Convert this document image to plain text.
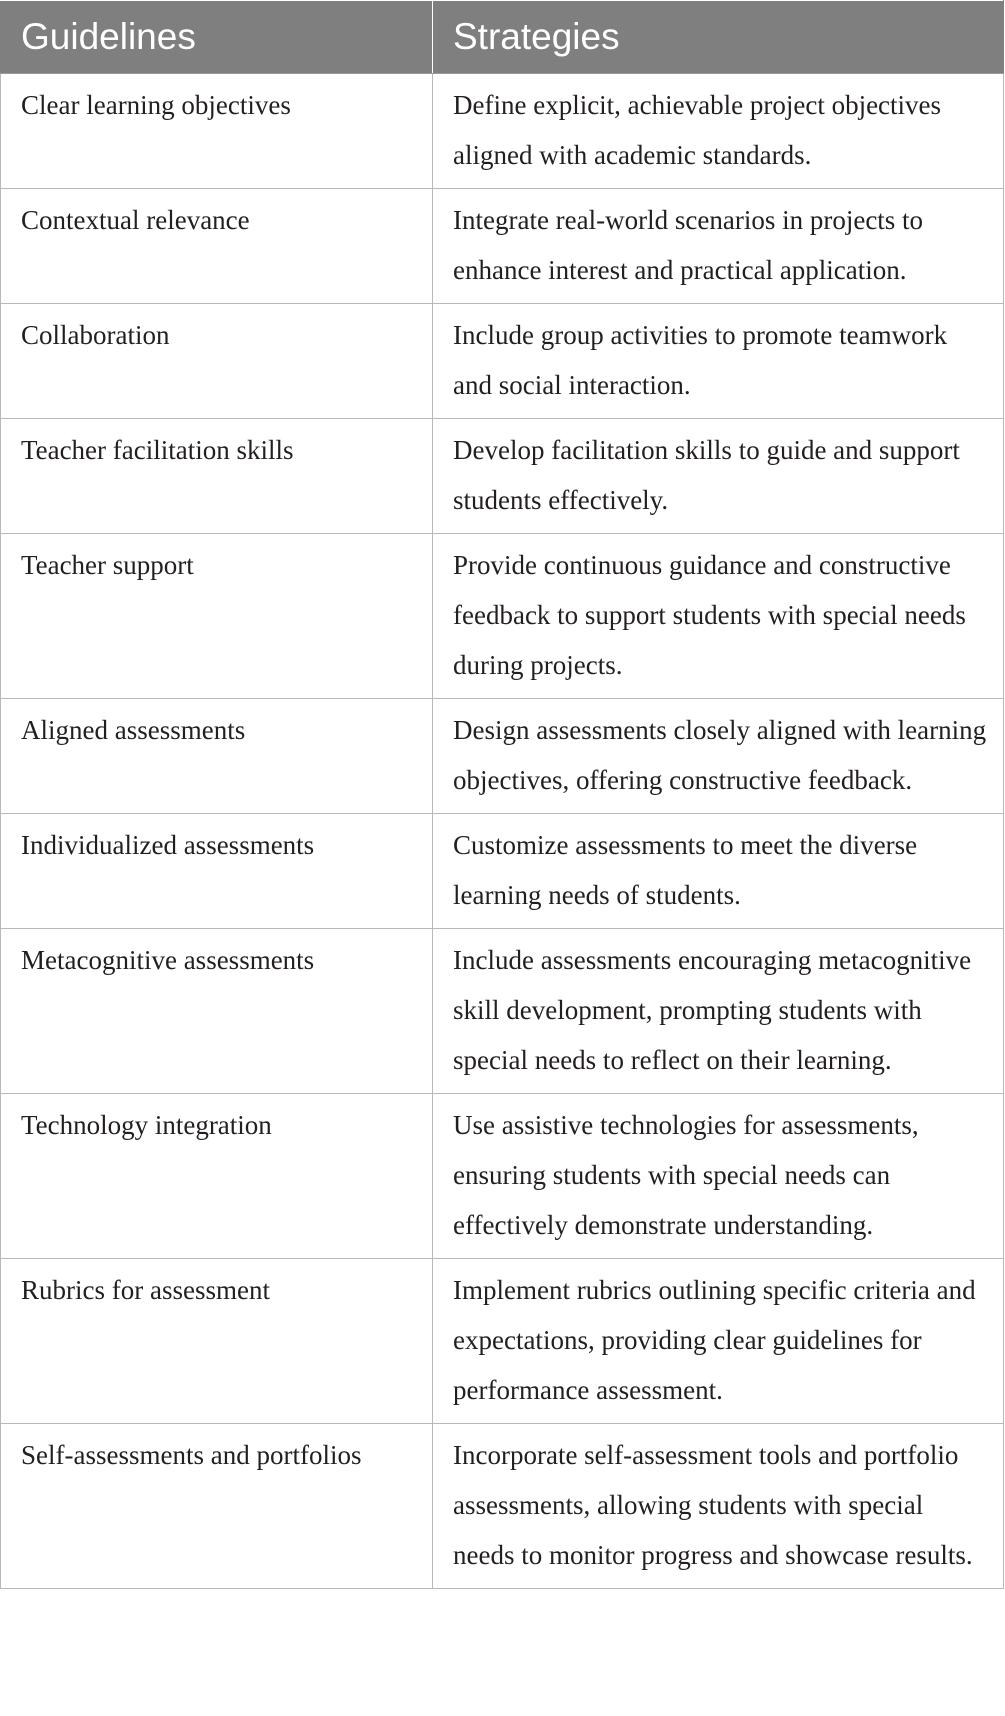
Guidelines	Strategies
Clear learning objectives	Define explicit, achievable project objectives aligned with academic standards.
Contextual relevance	Integrate real-world scenarios in projects to enhance interest and practical application.
Collaboration	Include group activities to promote teamwork and social interaction.
Teacher facilitation skills	Develop facilitation skills to guide and support students effectively.
Teacher support	Provide continuous guidance and constructive feedback to support students with special needs during projects.
Aligned assessments	Design assessments closely aligned with learning objectives, offering constructive feedback.
Individualized assessments	Customize assessments to meet the diverse learning needs of students.
Metacognitive assessments	Include assessments encouraging metacognitive skill development, prompting students with special needs to reflect on their learning.
Technology integration	Use assistive technologies for assessments, ensuring students with special needs can effectively demonstrate understanding.
Rubrics for assessment	Implement rubrics outlining specific criteria and expectations, providing clear guidelines for performance assessment.
Self-assessments and portfolios	Incorporate self-assessment tools and portfolio assessments, allowing students with special needs to monitor progress and showcase results.
